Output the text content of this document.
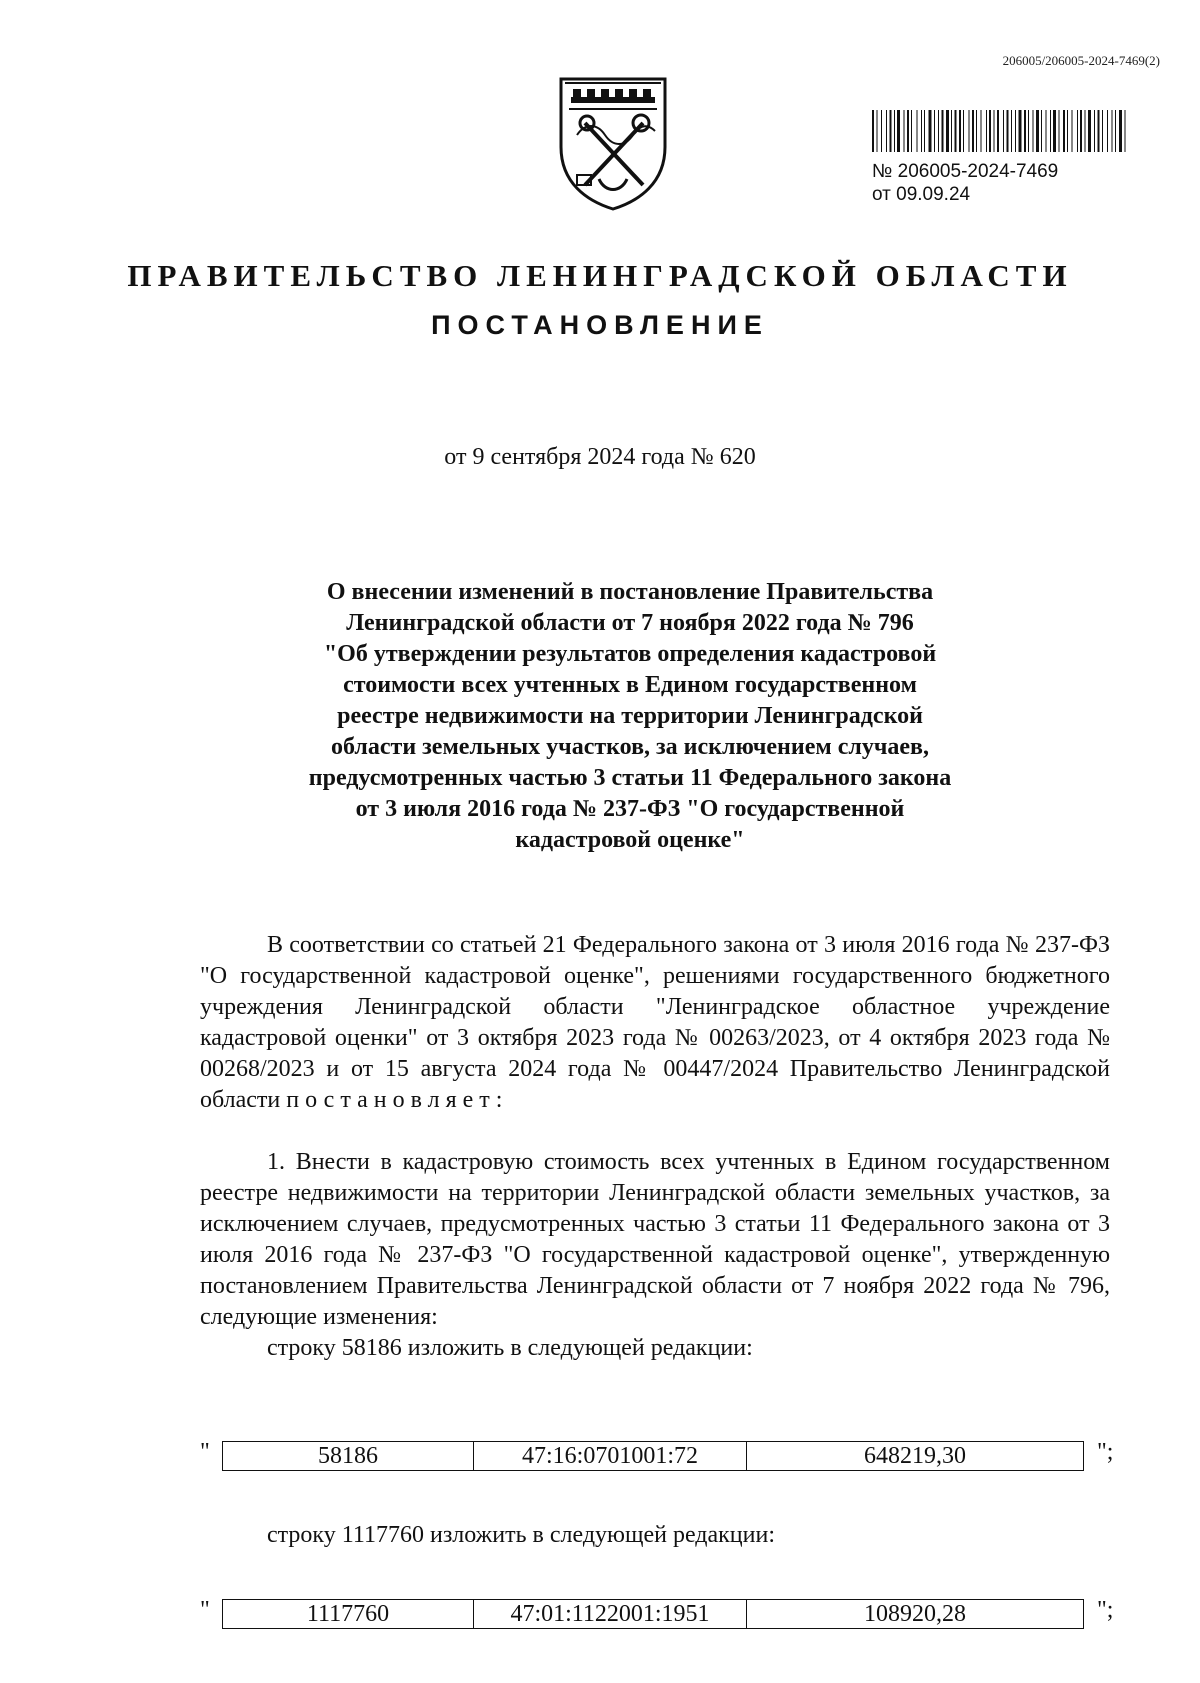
206005/206005-2024-7469(2)
№ 206005-2024-7469
от 09.09.24
ПРАВИТЕЛЬСТВО ЛЕНИНГРАДСКОЙ ОБЛАСТИ
ПОСТАНОВЛЕНИЕ
от 9 сентября 2024 года № 620
О внесении изменений в постановление Правительства
Ленинградской области от 7 ноября 2022 года № 796
"Об утверждении результатов определения кадастровой
стоимости всех учтенных в Едином государственном
реестре недвижимости на территории Ленинградской
области земельных участков, за исключением случаев,
предусмотренных частью 3 статьи 11 Федерального закона
от 3 июля 2016 года № 237-ФЗ "О государственной
кадастровой оценке"
В соответствии со статьей 21 Федерального закона от 3 июля 2016 года № 237-ФЗ "О государственной кадастровой оценке", решениями государственного бюджетного учреждения Ленинградской области "Ленинградское областное учреждение кадастровой оценки" от 3 октября 2023 года № 00263/2023, от 4 октября 2023 года № 00268/2023 и от 15 августа 2024 года № 00447/2024 Правительство Ленинградской области постановляет:
1. Внести в кадастровую стоимость всех учтенных в Едином государственном реестре недвижимости на территории Ленинградской области земельных участков, за исключением случаев, предусмотренных частью 3 статьи 11 Федерального закона от 3 июля 2016 года № 237-ФЗ "О государственной кадастровой оценке", утвержденную постановлением Правительства Ленинградской области от 7 ноября 2022 года № 796, следующие изменения:
строку 58186 изложить в следующей редакции:
"	58186	47:16:0701001:72	648219,30	";
строку 1117760 изложить в следующей редакции:
"	1117760	47:01:1122001:1951	108920,28	";
